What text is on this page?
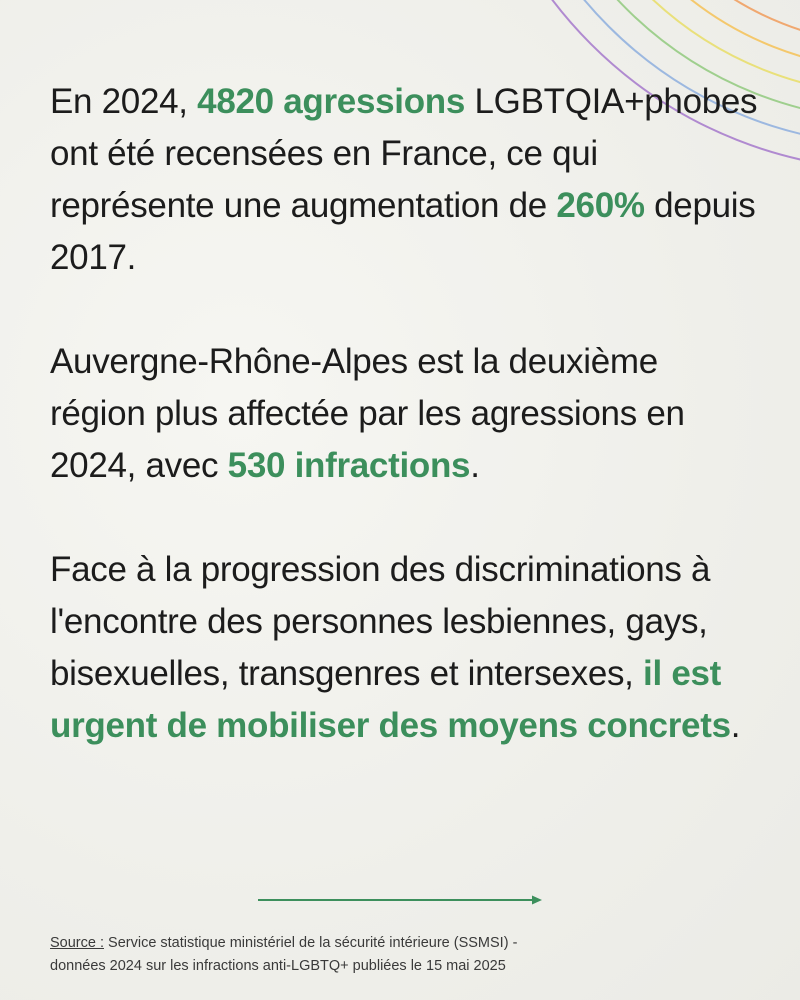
En 2024, 4820 agressions LGBTQIA+phobes ont été recensées en France, ce qui représente une augmentation de 260% depuis 2017.

Auvergne-Rhône-Alpes est la deuxième région plus affectée par les agressions en 2024, avec 530 infractions.

Face à la progression des discriminations à l'encontre des personnes lesbiennes, gays, bisexuelles, transgenres et intersexes, il est urgent de mobiliser des moyens concrets.

Source : Service statistique ministériel de la sécurité intérieure (SSMSI) -
données 2024 sur les infractions anti-LGBTQ+ publiées le 15 mai 2025
